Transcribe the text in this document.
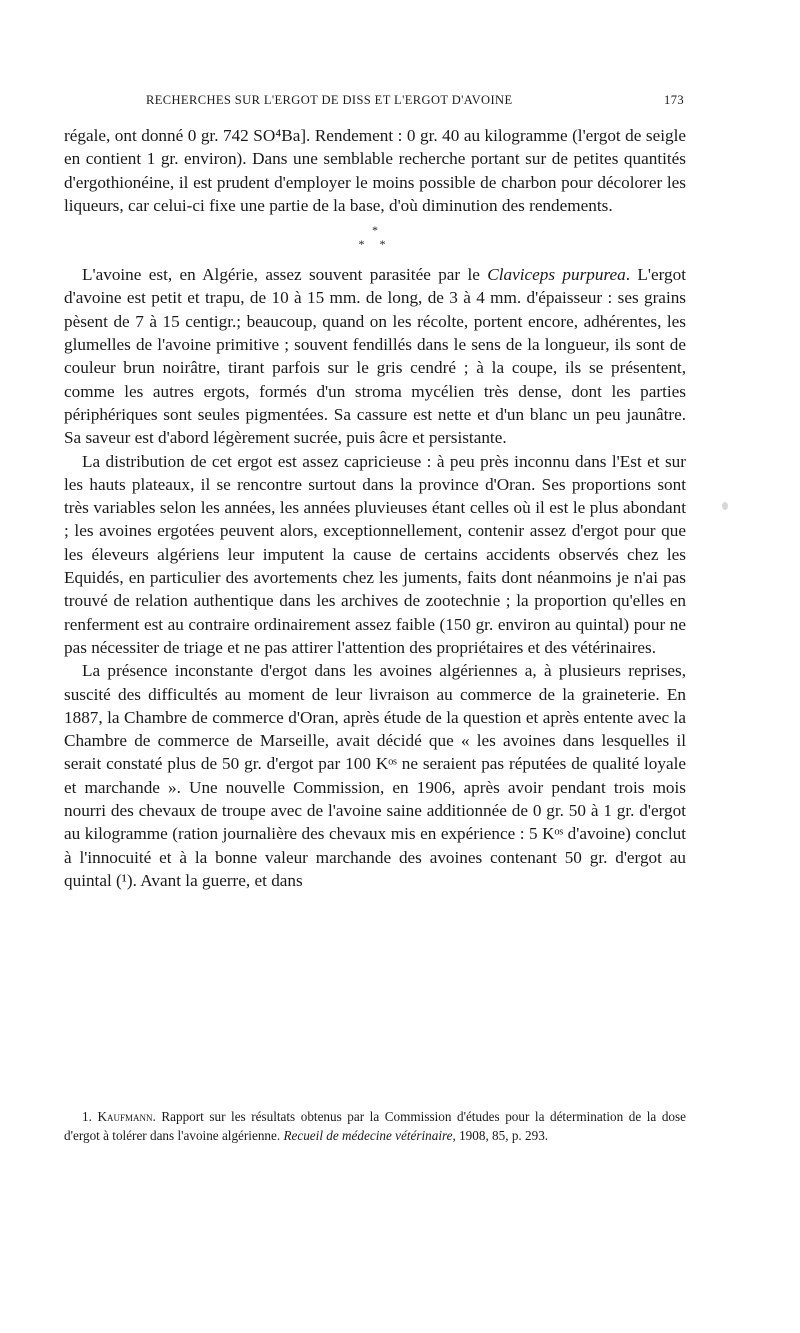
RECHERCHES SUR L'ERGOT DE DISS ET L'ERGOT D'AVOINE	173

régale, ont donné 0 gr. 742 SO⁴Ba]. Rendement : 0 gr. 40 au kilogramme (l'ergot de seigle en contient 1 gr. environ). Dans une semblable recherche portant sur de petites quantités d'ergothionéine, il est prudent d'employer le moins possible de charbon pour décolorer les liqueurs, car celui-ci fixe une partie de la base, d'où diminution des rendements.

*
* *

L'avoine est, en Algérie, assez souvent parasitée par le Claviceps purpurea. L'ergot d'avoine est petit et trapu, de 10 à 15 mm. de long, de 3 à 4 mm. d'épaisseur : ses grains pèsent de 7 à 15 centigr.; beaucoup, quand on les récolte, portent encore, adhérentes, les glumelles de l'avoine primitive ; souvent fendillés dans le sens de la longueur, ils sont de couleur brun noirâtre, tirant parfois sur le gris cendré ; à la coupe, ils se présentent, comme les autres ergots, formés d'un stroma mycélien très dense, dont les parties périphériques sont seules pigmentées. Sa cassure est nette et d'un blanc un peu jaunâtre. Sa saveur est d'abord légèrement sucrée, puis âcre et persistante.

La distribution de cet ergot est assez capricieuse : à peu près inconnu dans l'Est et sur les hauts plateaux, il se rencontre surtout dans la province d'Oran. Ses proportions sont très variables selon les années, les années pluvieuses étant celles où il est le plus abondant ; les avoines ergotées peuvent alors, exceptionnellement, contenir assez d'ergot pour que les éleveurs algériens leur imputent la cause de certains accidents observés chez les Equidés, en particulier des avortements chez les juments, faits dont néanmoins je n'ai pas trouvé de relation authentique dans les archives de zootechnie ; la proportion qu'elles en renferment est au contraire ordinairement assez faible (150 gr. environ au quintal) pour ne pas nécessiter de triage et ne pas attirer l'attention des propriétaires et des vétérinaires.

La présence inconstante d'ergot dans les avoines algériennes a, à plusieurs reprises, suscité des difficultés au moment de leur livraison au commerce de la graineterie. En 1887, la Chambre de commerce d'Oran, après étude de la question et après entente avec la Chambre de commerce de Marseille, avait décidé que « les avoines dans lesquelles il serait constaté plus de 50 gr. d'ergot par 100 Kᵒˢ ne seraient pas réputées de qualité loyale et marchande ». Une nouvelle Commission, en 1906, après avoir pendant trois mois nourri des chevaux de troupe avec de l'avoine saine additionnée de 0 gr. 50 à 1 gr. d'ergot au kilogramme (ration journalière des chevaux mis en expérience : 5 Kᵒˢ d'avoine) conclut à l'innocuité et à la bonne valeur marchande des avoines contenant 50 gr. d'ergot au quintal (¹). Avant la guerre, et dans

1. Kaufmann. Rapport sur les résultats obtenus par la Commission d'études pour la détermination de la dose d'ergot à tolérer dans l'avoine algérienne. Recueil de médecine vétérinaire, 1908, 85, p. 293.
